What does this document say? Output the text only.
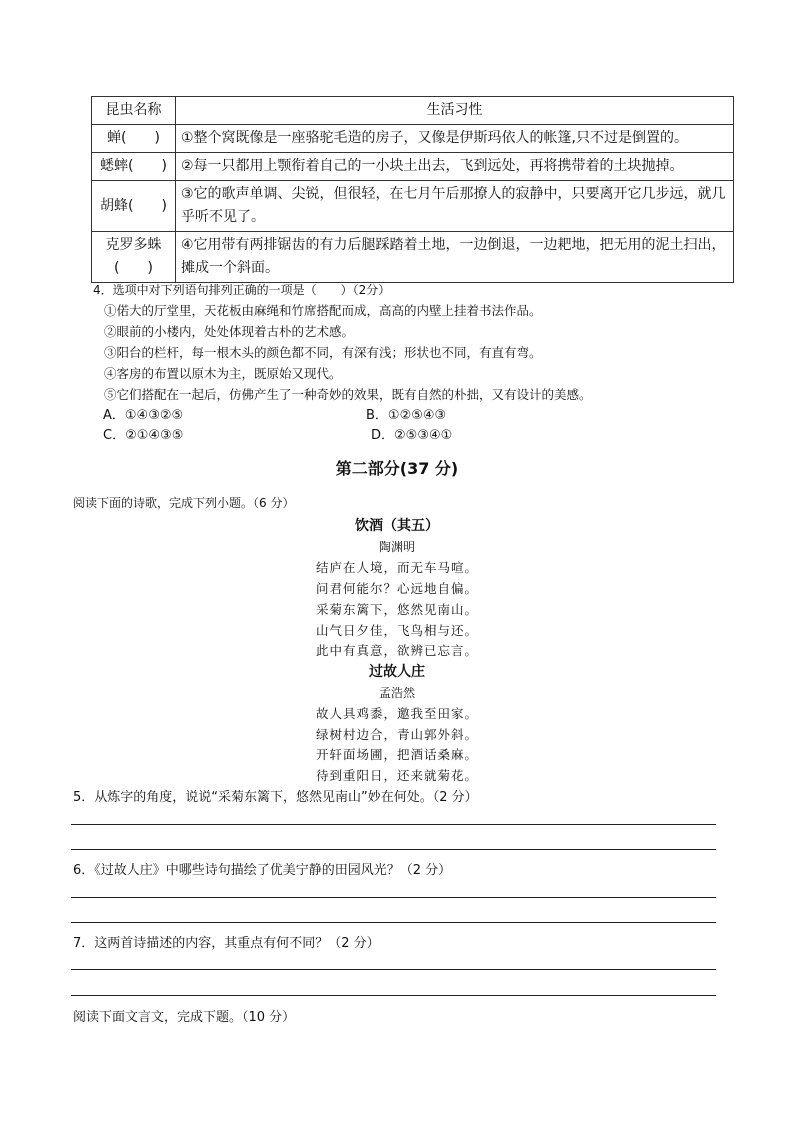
昆虫名称	生活习性
蝉(　　)	①整个窝既像是一座骆驼毛造的房子，又像是伊斯玛依人的帐篷,只不过是倒置的。
蟋蟀(　　)	②每一只都用上颚衔着自己的一小块土出去，飞到远处，再将携带着的土块抛掉。
胡蜂(　　)	③它的歌声单调、尖锐，但很轻，在七月午后那撩人的寂静中，只要离开它几步远，就几乎听不见了。
克罗多蛛(　　)	④它用带有两排锯齿的有力后腿踩踏着土地，一边倒退，一边耙地，把无用的泥土扫出，摊成一个斜面。
4．选项中对下列语句排列正确的一项是（　　）（2分）
①偌大的厅堂里，天花板由麻绳和竹席搭配而成，高高的内壁上挂着书法作品。
②眼前的小楼内，处处体现着古朴的艺术感。
③阳台的栏杆，每一根木头的颜色都不同，有深有浅；形状也不同，有直有弯。
④客房的布置以原木为主，既原始又现代。
⑤它们搭配在一起后，仿佛产生了一种奇妙的效果，既有自然的朴拙，又有设计的美感。
A．①④③②⑤	B．①②⑤④③
C．②①④③⑤	D．②⑤③④①
第二部分(37 分)
阅读下面的诗歌，完成下列小题。（6 分）
饮酒（其五）
陶渊明
结庐在人境，而无车马喧。
问君何能尔？心远地自偏。
采菊东篱下，悠然见南山。
山气日夕佳，飞鸟相与还。
此中有真意，欲辨已忘言。
过故人庄
孟浩然
故人具鸡黍，邀我至田家。
绿树村边合，青山郭外斜。
开轩面场圃，把酒话桑麻。
待到重阳日，还来就菊花。
5．从炼字的角度，说说“采菊东篱下，悠然见南山”妙在何处。（2 分）
6．《过故人庄》中哪些诗句描绘了优美宁静的田园风光？（2 分）
7．这两首诗描述的内容，其重点有何不同？（2 分）
阅读下面文言文，完成下题。（10 分）
